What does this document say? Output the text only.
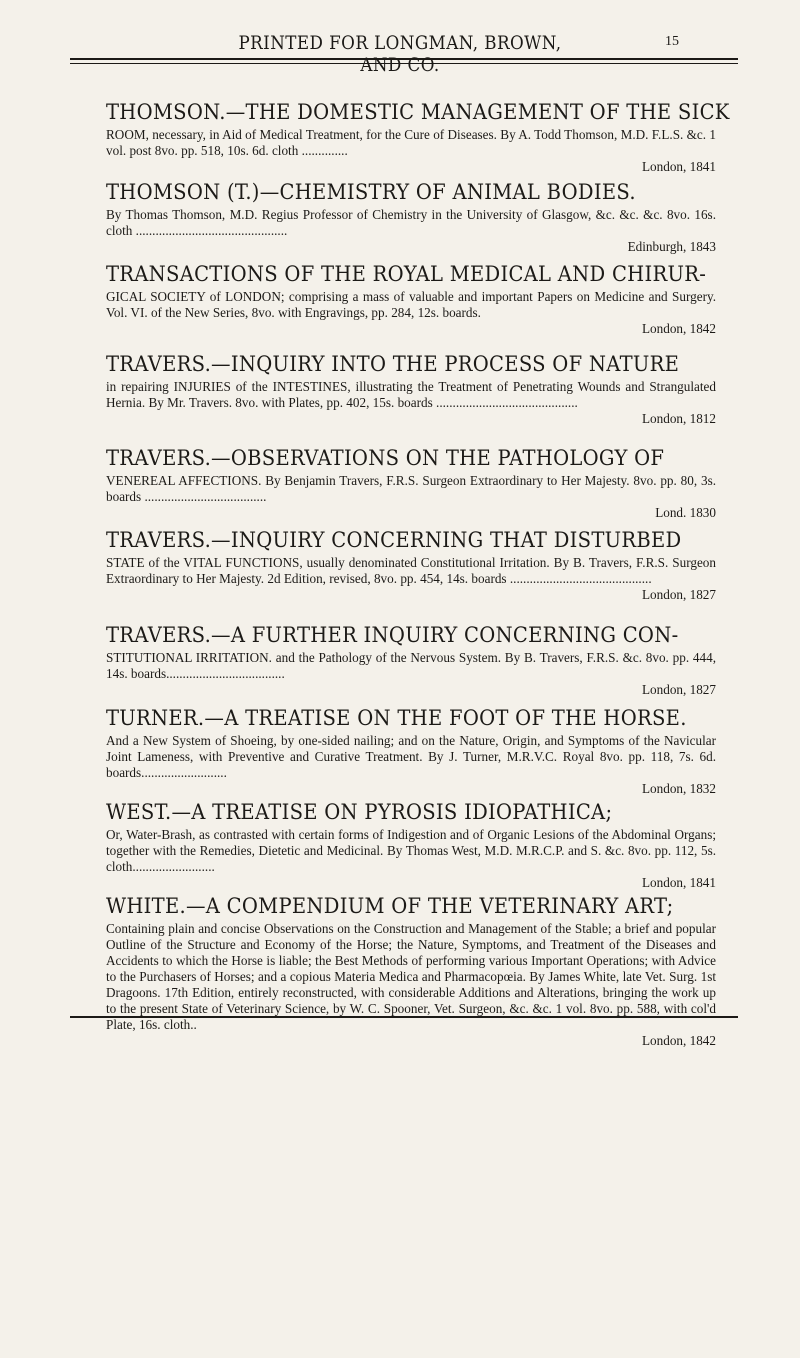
PRINTED FOR LONGMAN, BROWN, AND CO.
15

THOMSON.—THE DOMESTIC MANAGEMENT OF THE SICK

ROOM, necessary, in Aid of Medical Treatment, for the Cure of Diseases. By A. Todd Thomson, M.D. F.L.S. &c. 1 vol. post 8vo. pp. 518, 10s. 6d. cloth ..............
London, 1841

THOMSON (T.)—CHEMISTRY OF ANIMAL BODIES.

By Thomas Thomson, M.D. Regius Professor of Chemistry in the University of Glasgow, &c. &c. &c. 8vo. 16s. cloth ..............................................
Edinburgh, 1843

TRANSACTIONS OF THE ROYAL MEDICAL AND CHIRUR-

GICAL SOCIETY of LONDON; comprising a mass of valuable and important Papers on Medicine and Surgery. Vol. VI. of the New Series, 8vo. with Engravings, pp. 284, 12s. boards.
London, 1842

TRAVERS.—INQUIRY INTO THE PROCESS OF NATURE

in repairing INJURIES of the INTESTINES, illustrating the Treatment of Penetrating Wounds and Strangulated Hernia. By Mr. Travers. 8vo. with Plates, pp. 402, 15s. boards ...........................................
London, 1812

TRAVERS.—OBSERVATIONS ON THE PATHOLOGY OF

VENEREAL AFFECTIONS. By Benjamin Travers, F.R.S. Surgeon Extraordinary to Her Majesty. 8vo. pp. 80, 3s. boards .....................................
Lond. 1830

TRAVERS.—INQUIRY CONCERNING THAT DISTURBED

STATE of the VITAL FUNCTIONS, usually denominated Constitutional Irritation. By B. Travers, F.R.S. Surgeon Extraordinary to Her Majesty. 2d Edition, revised, 8vo. pp. 454, 14s. boards ...........................................
London, 1827

TRAVERS.—A FURTHER INQUIRY CONCERNING CON-

STITUTIONAL IRRITATION. and the Pathology of the Nervous System. By B. Travers, F.R.S. &c. 8vo. pp. 444, 14s. boards....................................
London, 1827

TURNER.—A TREATISE ON THE FOOT OF THE HORSE.

And a New System of Shoeing, by one-sided nailing; and on the Nature, Origin, and Symptoms of the Navicular Joint Lameness, with Preventive and Curative Treatment. By J. Turner, M.R.V.C. Royal 8vo. pp. 118, 7s. 6d. boards..........................
London, 1832

WEST.—A TREATISE ON PYROSIS IDIOPATHICA;

Or, Water-Brash, as contrasted with certain forms of Indigestion and of Organic Lesions of the Abdominal Organs; together with the Remedies, Dietetic and Medicinal. By Thomas West, M.D. M.R.C.P. and S. &c. 8vo. pp. 112, 5s. cloth.........................
London, 1841

WHITE.—A COMPENDIUM OF THE VETERINARY ART;

Containing plain and concise Observations on the Construction and Management of the Stable; a brief and popular Outline of the Structure and Economy of the Horse; the Nature, Symptoms, and Treatment of the Diseases and Accidents to which the Horse is liable; the Best Methods of performing various Important Operations; with Advice to the Purchasers of Horses; and a copious Materia Medica and Pharmacopœia. By James White, late Vet. Surg. 1st Dragoons. 17th Edition, entirely reconstructed, with considerable Additions and Alterations, bringing the work up to the present State of Veterinary Science, by W. C. Spooner, Vet. Surgeon, &c. &c. 1 vol. 8vo. pp. 588, with col'd Plate, 16s. cloth..
London, 1842
